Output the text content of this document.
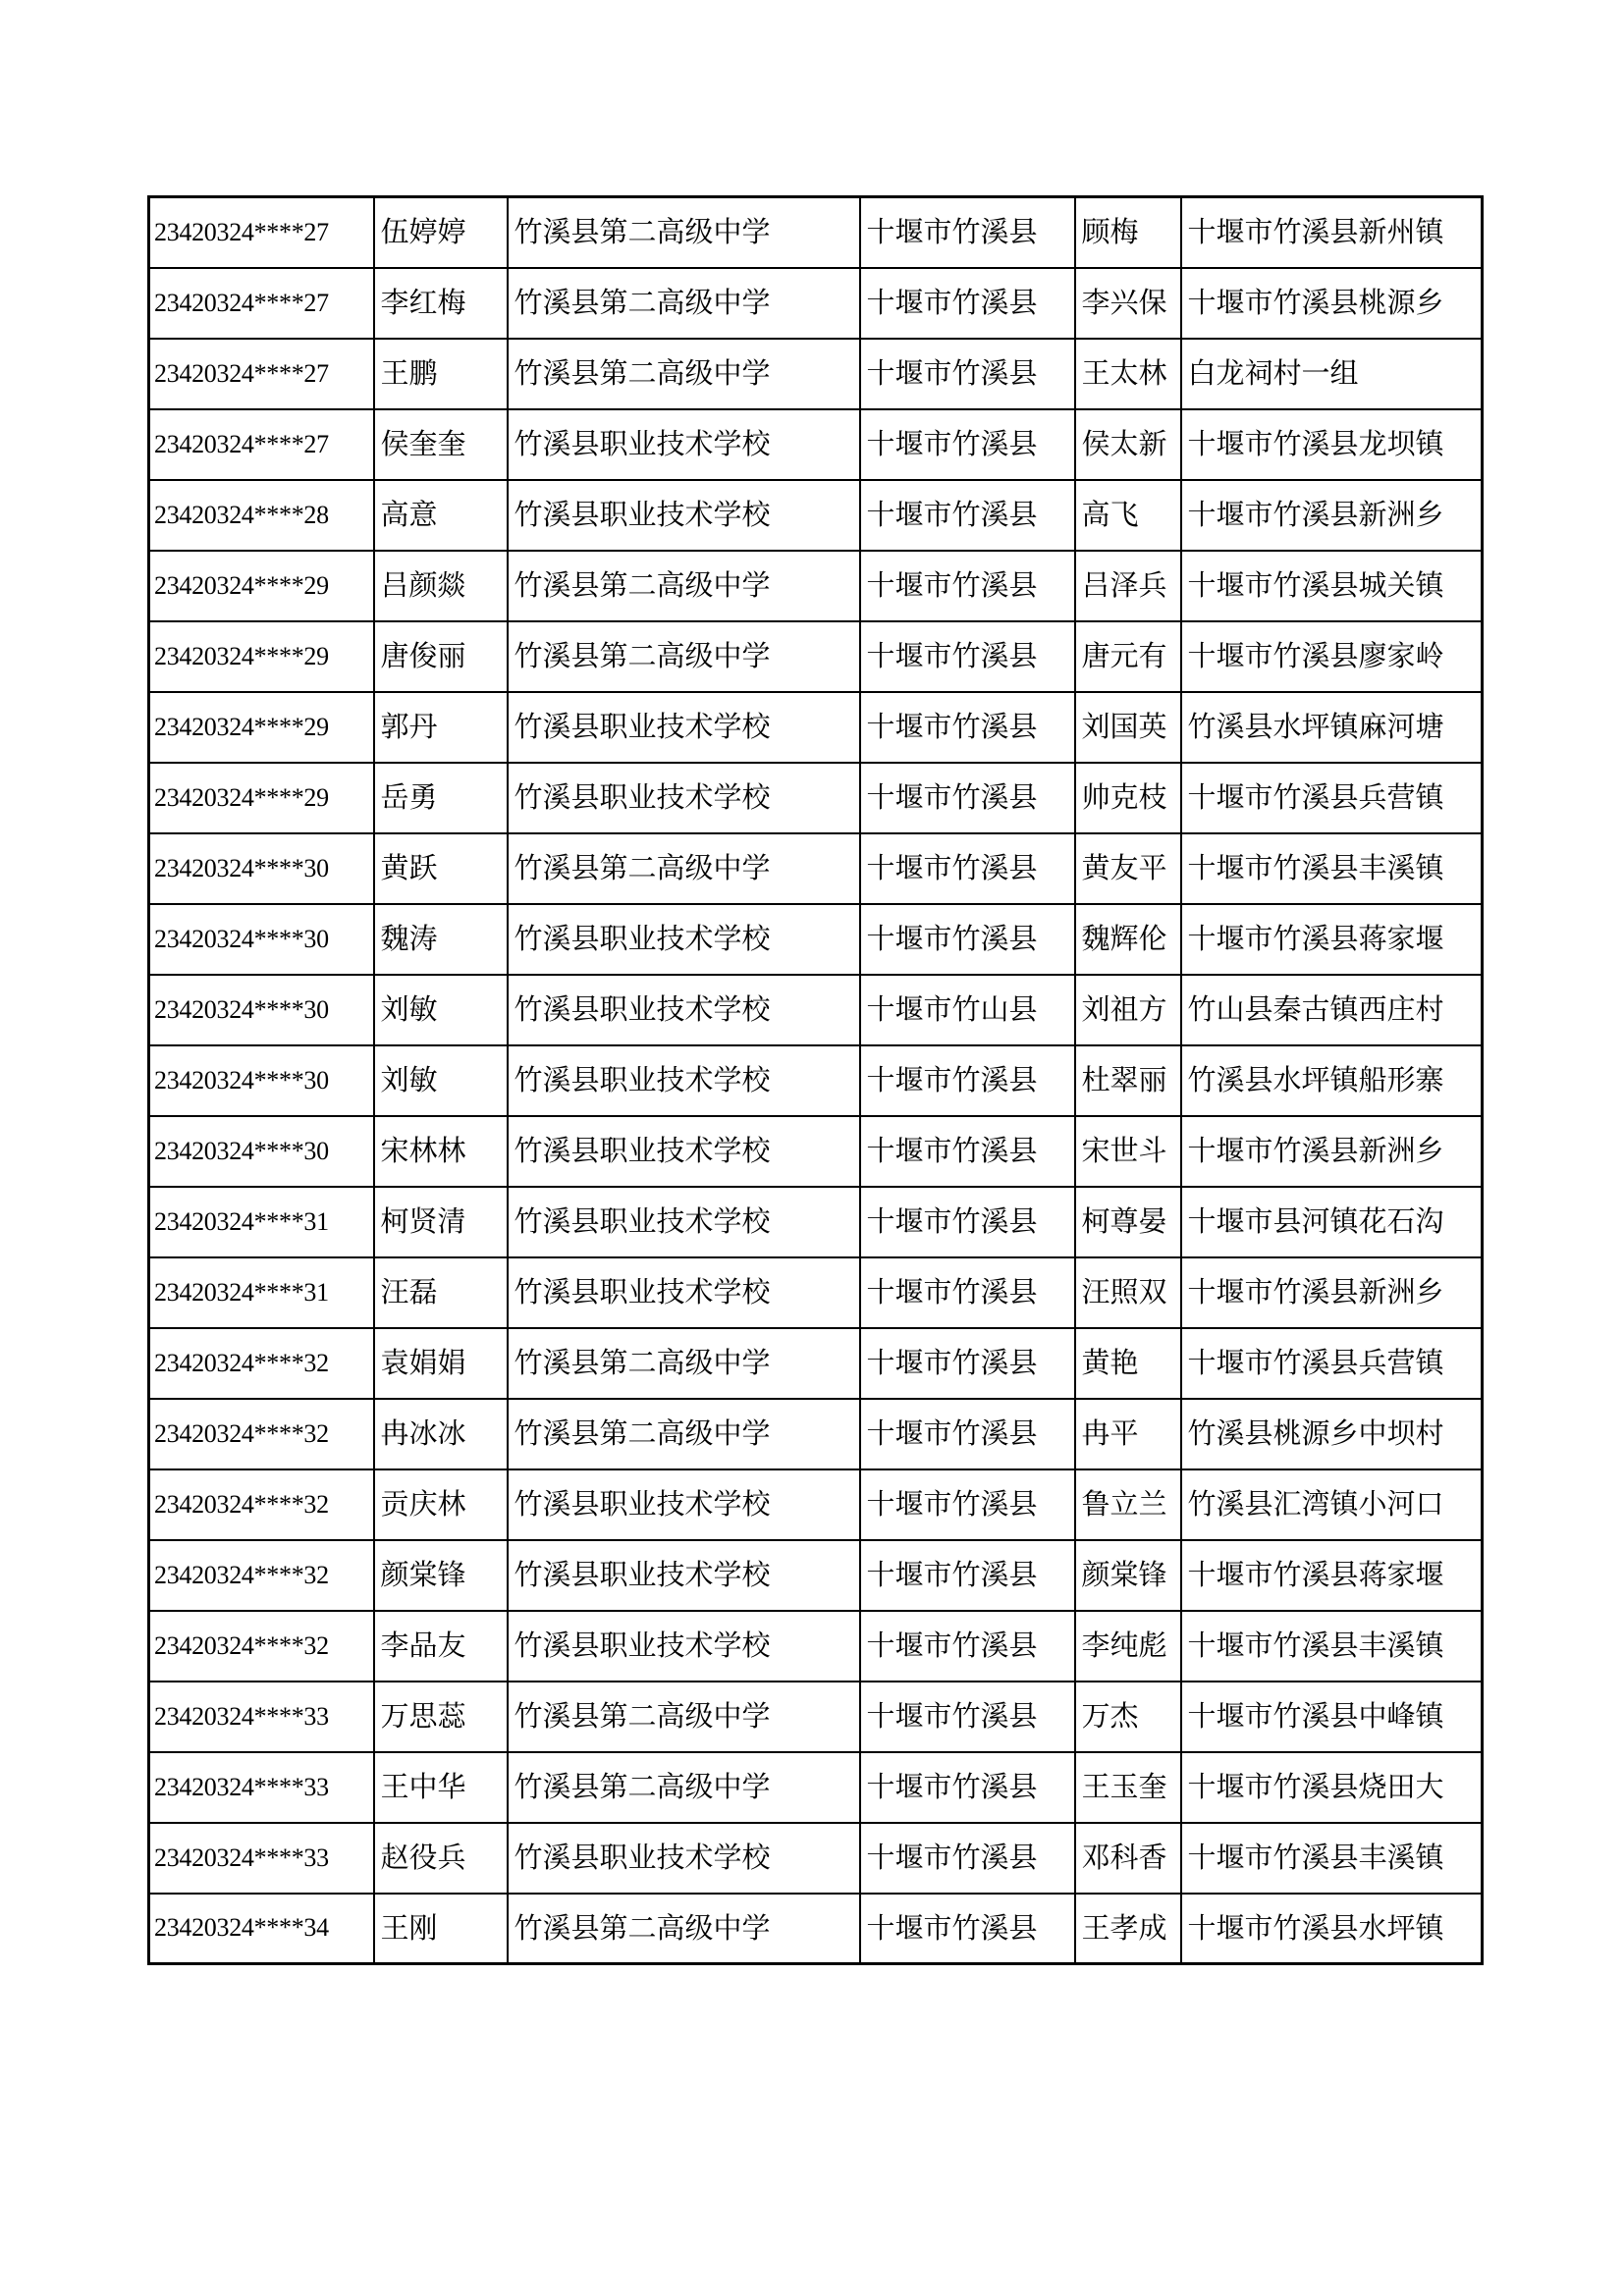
23420324****27	伍婷婷	竹溪县第二高级中学	十堰市竹溪县	顾梅	十堰市竹溪县新州镇
23420324****27	李红梅	竹溪县第二高级中学	十堰市竹溪县	李兴保	十堰市竹溪县桃源乡
23420324****27	王鹏	竹溪县第二高级中学	十堰市竹溪县	王太林	白龙祠村一组
23420324****27	侯奎奎	竹溪县职业技术学校	十堰市竹溪县	侯太新	十堰市竹溪县龙坝镇
23420324****28	高意	竹溪县职业技术学校	十堰市竹溪县	高飞	十堰市竹溪县新洲乡
23420324****29	吕颜燚	竹溪县第二高级中学	十堰市竹溪县	吕泽兵	十堰市竹溪县城关镇
23420324****29	唐俊丽	竹溪县第二高级中学	十堰市竹溪县	唐元有	十堰市竹溪县廖家岭
23420324****29	郭丹	竹溪县职业技术学校	十堰市竹溪县	刘国英	竹溪县水坪镇麻河塘
23420324****29	岳勇	竹溪县职业技术学校	十堰市竹溪县	帅克枝	十堰市竹溪县兵营镇
23420324****30	黄跃	竹溪县第二高级中学	十堰市竹溪县	黄友平	十堰市竹溪县丰溪镇
23420324****30	魏涛	竹溪县职业技术学校	十堰市竹溪县	魏辉伦	十堰市竹溪县蒋家堰
23420324****30	刘敏	竹溪县职业技术学校	十堰市竹山县	刘祖方	竹山县秦古镇西庄村
23420324****30	刘敏	竹溪县职业技术学校	十堰市竹溪县	杜翠丽	竹溪县水坪镇船形寨
23420324****30	宋林林	竹溪县职业技术学校	十堰市竹溪县	宋世斗	十堰市竹溪县新洲乡
23420324****31	柯贤清	竹溪县职业技术学校	十堰市竹溪县	柯尊晏	十堰市县河镇花石沟
23420324****31	汪磊	竹溪县职业技术学校	十堰市竹溪县	汪照双	十堰市竹溪县新洲乡
23420324****32	袁娟娟	竹溪县第二高级中学	十堰市竹溪县	黄艳	十堰市竹溪县兵营镇
23420324****32	冉冰冰	竹溪县第二高级中学	十堰市竹溪县	冉平	竹溪县桃源乡中坝村
23420324****32	贡庆林	竹溪县职业技术学校	十堰市竹溪县	鲁立兰	竹溪县汇湾镇小河口
23420324****32	颜棠锋	竹溪县职业技术学校	十堰市竹溪县	颜棠锋	十堰市竹溪县蒋家堰
23420324****32	李品友	竹溪县职业技术学校	十堰市竹溪县	李纯彪	十堰市竹溪县丰溪镇
23420324****33	万思蕊	竹溪县第二高级中学	十堰市竹溪县	万杰	十堰市竹溪县中峰镇
23420324****33	王中华	竹溪县第二高级中学	十堰市竹溪县	王玉奎	十堰市竹溪县烧田大
23420324****33	赵役兵	竹溪县职业技术学校	十堰市竹溪县	邓科香	十堰市竹溪县丰溪镇
23420324****34	王刚	竹溪县第二高级中学	十堰市竹溪县	王孝成	十堰市竹溪县水坪镇
